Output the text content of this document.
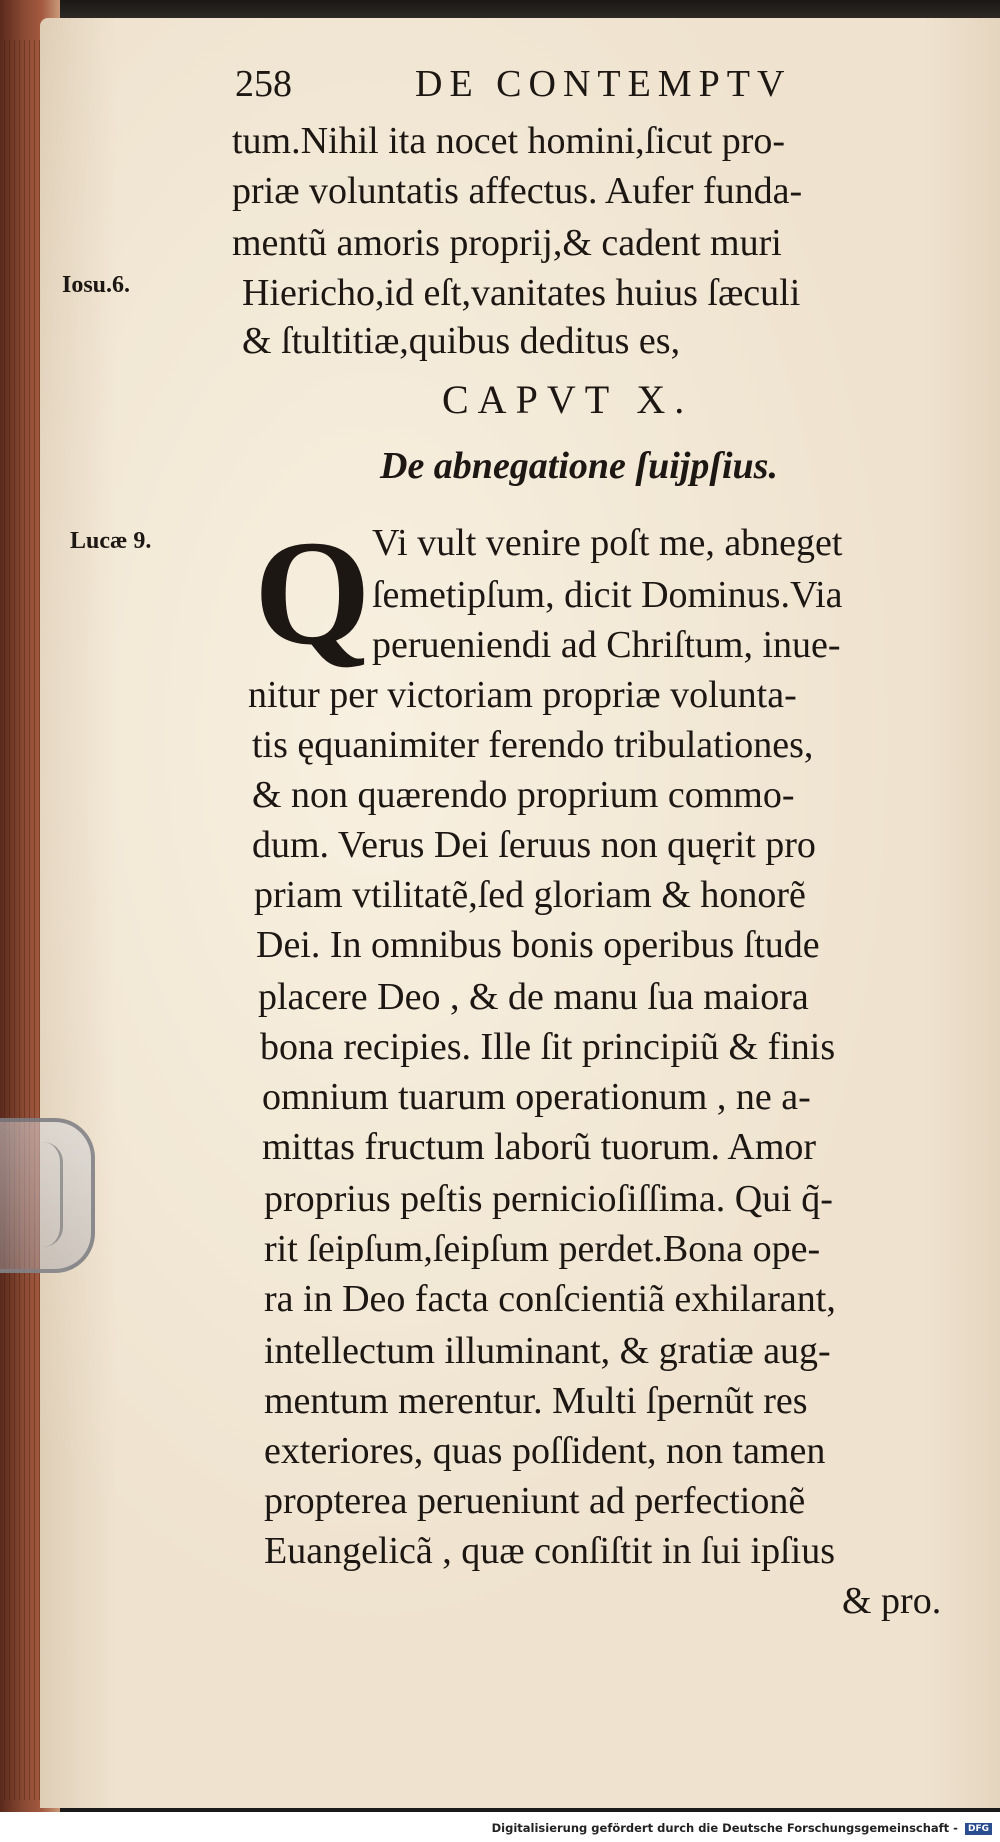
258	DE CONTEMPTV
tum.Nihil ita nocet homini,ſicut pro-
priæ voluntatis affectus. Aufer funda-
mentũ amoris proprij,& cadent muri
Hiericho,id eſt,vanitates huius ſæculi
& ſtultitiæ,quibus deditus es,
Iosu.6.
CAPVT X.
De abnegatione ſuijpſius.
Lucæ 9. Q Vi vult venire poſt me, abneget
ſemetipſum, dicit Dominus.Via
perueniendi ad Chriſtum, inue-
nitur per victoriam propriæ volunta-
tis ęquanimiter ferendo tribulationes,
& non quærendo proprium commo-
dum. Verus Dei ſeruus non quęrit pro
priam vtilitatẽ,ſed gloriam & honorẽ
Dei. In omnibus bonis operibus ſtude
placere Deo , & de manu ſua maiora
bona recipies. Ille ſit principiũ & finis
omnium tuarum operationum , ne a-
mittas fructum laborũ tuorum. Amor
proprius peſtis pernicioſiſſima. Qui q̃-
rit ſeipſum,ſeipſum perdet.Bona ope-
ra in Deo facta conſcientiã exhilarant,
intellectum illuminant, & gratiæ aug-
mentum merentur. Multi ſpernũt res
exteriores, quas poſſident, non tamen
propterea perueniunt ad perfectionẽ
Euangelicã , quæ conſiſtit in ſui ipſius
& pro.
Digitalisierung gefördert durch die Deutsche Forschungsgemeinschaft - DFG
